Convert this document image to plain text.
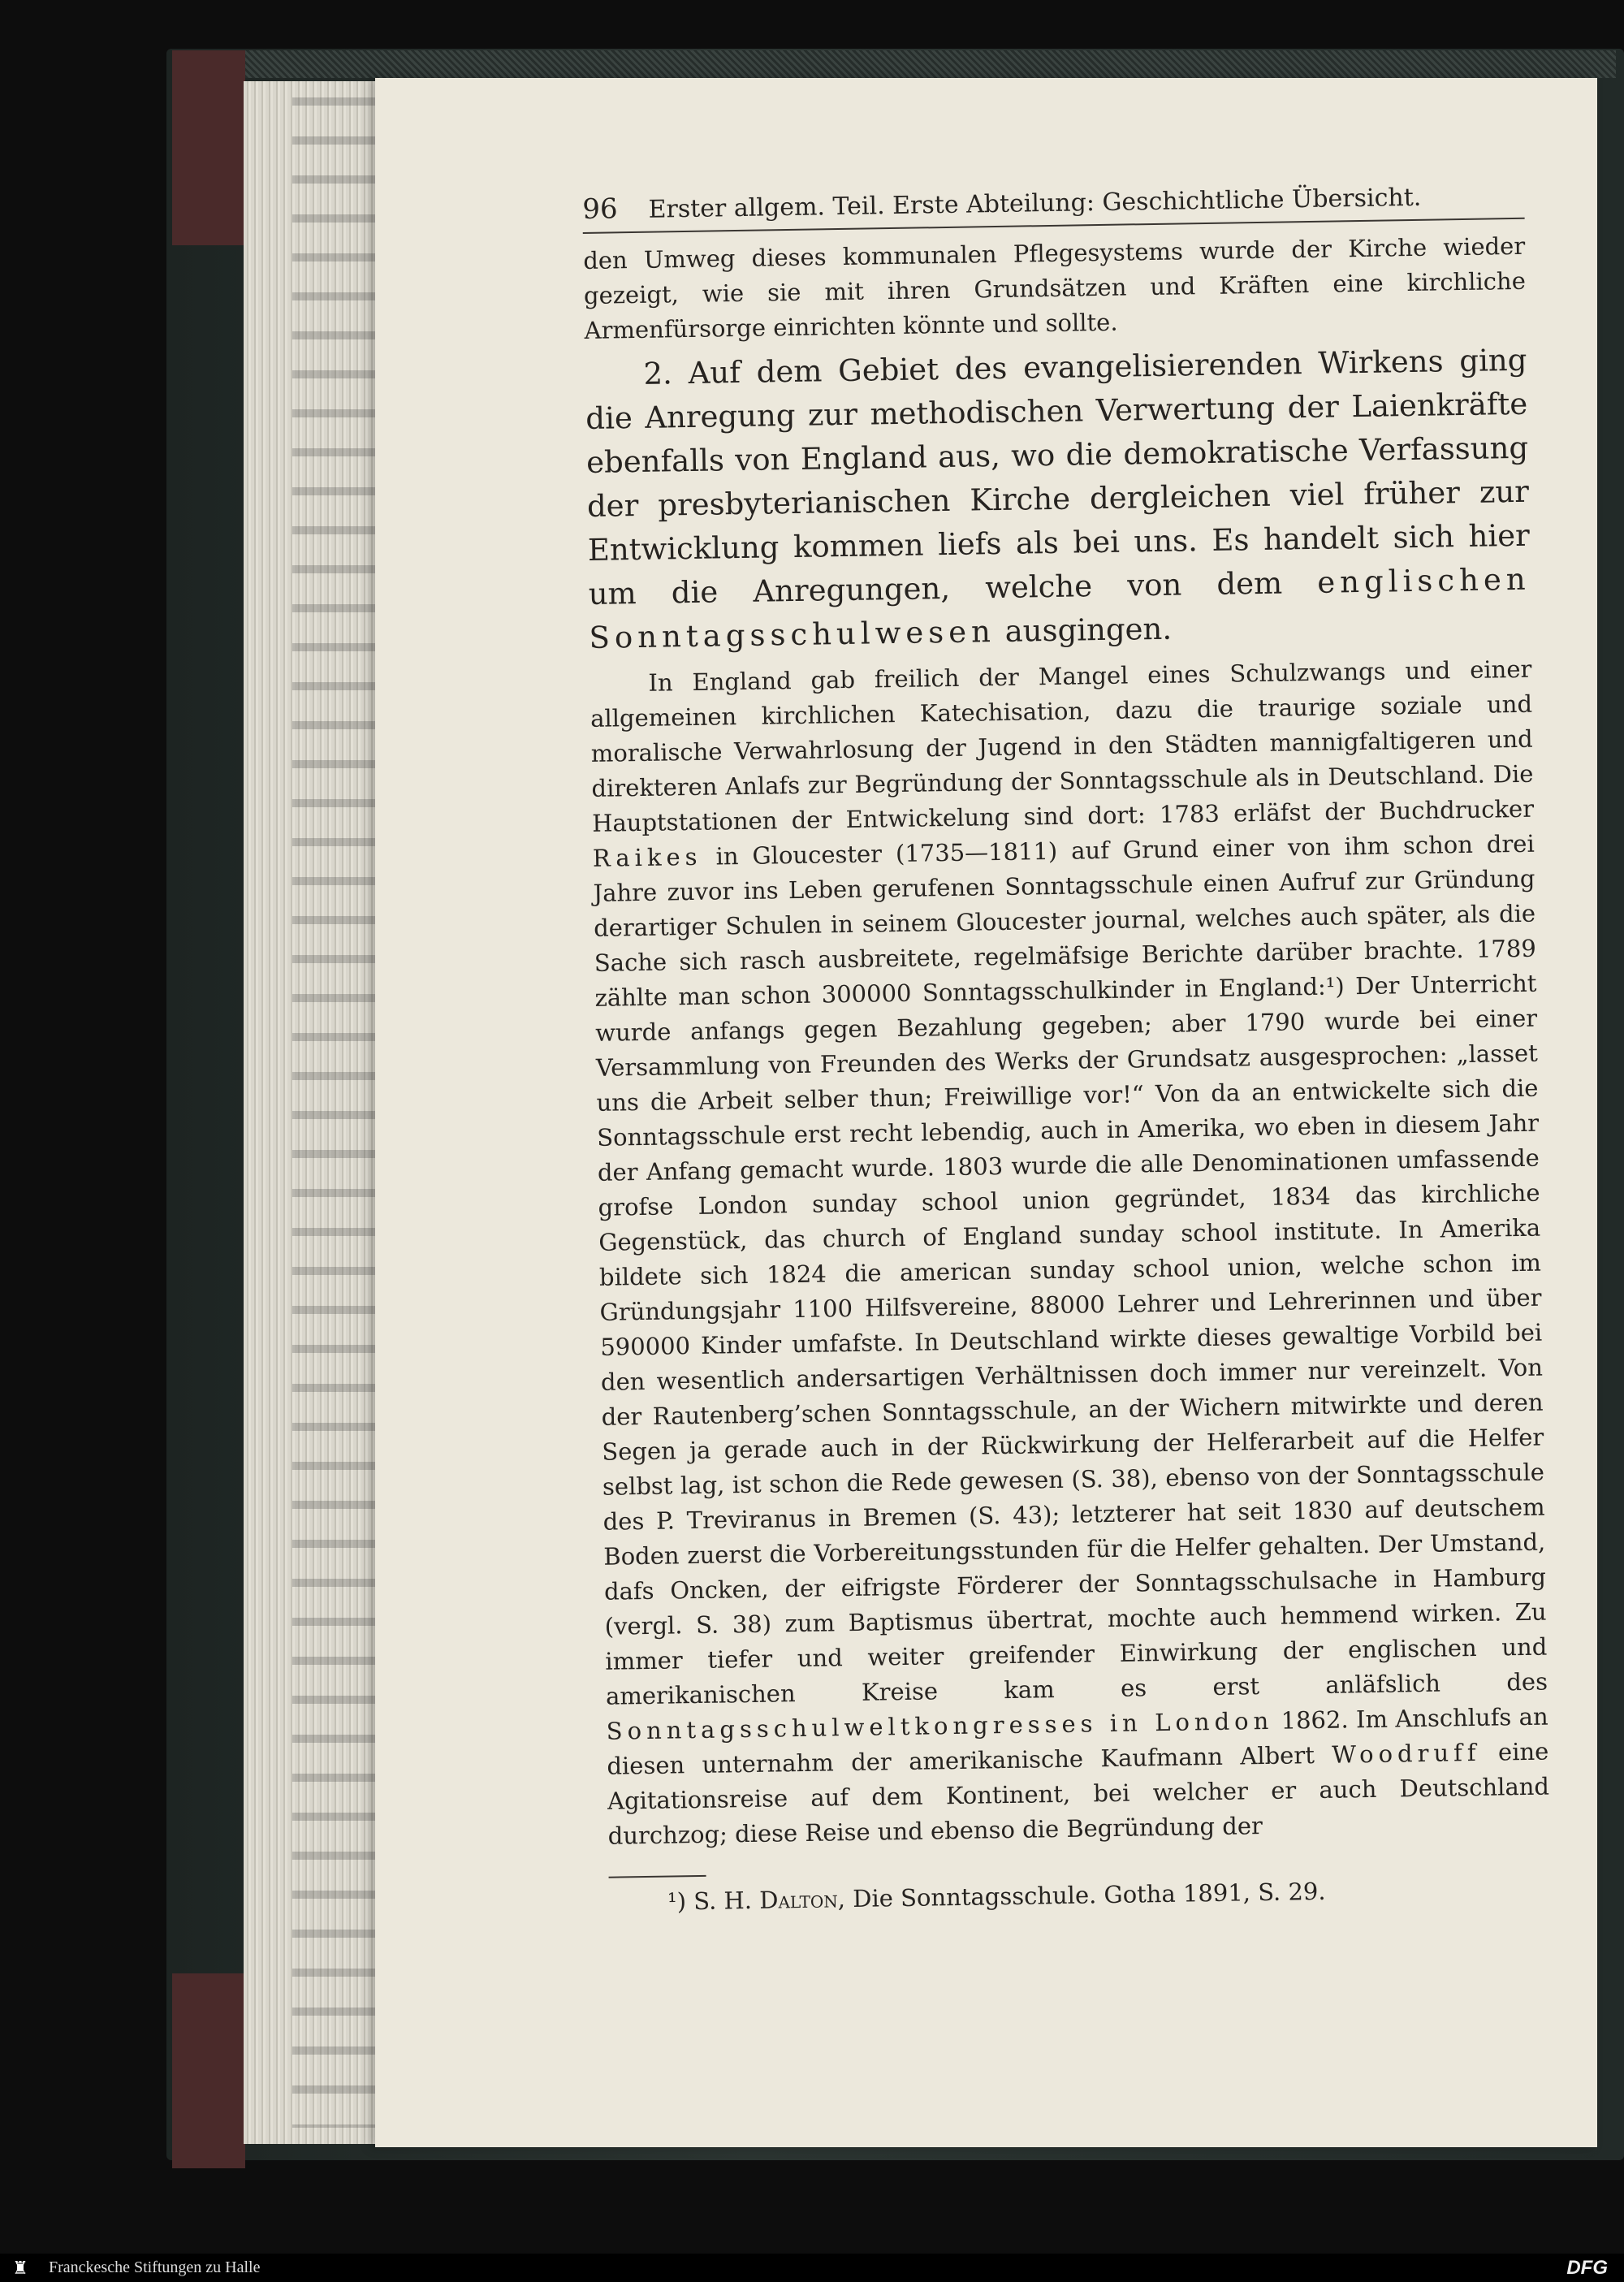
96 Erster allgem. Teil. Erste Abteilung: Geschichtliche Übersicht.

den Umweg dieses kommunalen Pflegesystems wurde der Kirche wieder gezeigt, wie sie mit ihren Grundsätzen und Kräften eine kirchliche Armenfürsorge einrichten könnte und sollte.

2. Auf dem Gebiet des evangelisierenden Wirkens ging die Anregung zur methodischen Verwertung der Laienkräfte ebenfalls von England aus, wo die demokratische Verfassung der presbyterianischen Kirche dergleichen viel früher zur Entwicklung kommen liefs als bei uns. Es handelt sich hier um die Anregungen, welche von dem englischen Sonntagsschulwesen ausgingen.

In England gab freilich der Mangel eines Schulzwangs und einer allgemeinen kirchlichen Katechisation, dazu die traurige soziale und moralische Verwahrlosung der Jugend in den Städten mannigfaltigeren und direkteren Anlafs zur Begründung der Sonntagsschule als in Deutschland. Die Hauptstationen der Entwickelung sind dort: 1783 erläfst der Buchdrucker Raikes in Gloucester (1735—1811) auf Grund einer von ihm schon drei Jahre zuvor ins Leben gerufenen Sonntagsschule einen Aufruf zur Gründung derartiger Schulen in seinem Gloucester journal, welches auch später, als die Sache sich rasch ausbreitete, regelmäfsige Berichte darüber brachte. 1789 zählte man schon 300000 Sonntagsschulkinder in England:¹) Der Unterricht wurde anfangs gegen Bezahlung gegeben; aber 1790 wurde bei einer Versammlung von Freunden des Werks der Grundsatz ausgesprochen: „lasset uns die Arbeit selber thun; Freiwillige vor!“ Von da an entwickelte sich die Sonntagsschule erst recht lebendig, auch in Amerika, wo eben in diesem Jahr der Anfang gemacht wurde. 1803 wurde die alle Denominationen umfassende grofse London sunday school union gegründet, 1834 das kirchliche Gegenstück, das church of England sunday school institute. In Amerika bildete sich 1824 die american sunday school union, welche schon im Gründungsjahr 1100 Hilfsvereine, 88000 Lehrer und Lehrerinnen und über 590000 Kinder umfafste. In Deutschland wirkte dieses gewaltige Vorbild bei den wesentlich andersartigen Verhältnissen doch immer nur vereinzelt. Von der Rautenberg’schen Sonntagsschule, an der Wichern mitwirkte und deren Segen ja gerade auch in der Rückwirkung der Helferarbeit auf die Helfer selbst lag, ist schon die Rede gewesen (S. 38), ebenso von der Sonntagsschule des P. Treviranus in Bremen (S. 43); letzterer hat seit 1830 auf deutschem Boden zuerst die Vorbereitungsstunden für die Helfer gehalten. Der Umstand, dafs Oncken, der eifrigste Förderer der Sonntagsschulsache in Hamburg (vergl. S. 38) zum Baptismus übertrat, mochte auch hemmend wirken. Zu immer tiefer und weiter greifender Einwirkung der englischen und amerikanischen Kreise kam es erst anläfslich des Sonntagsschulweltkongresses in London 1862. Im Anschlufs an diesen unternahm der amerikanische Kaufmann Albert Woodruff eine Agitationsreise auf dem Kontinent, bei welcher er auch Deutschland durchzog; diese Reise und ebenso die Begründung der

¹) S. H. Dalton, Die Sonntagsschule. Gotha 1891, S. 29.

♜ Franckesche Stiftungen zu Halle	DFG
